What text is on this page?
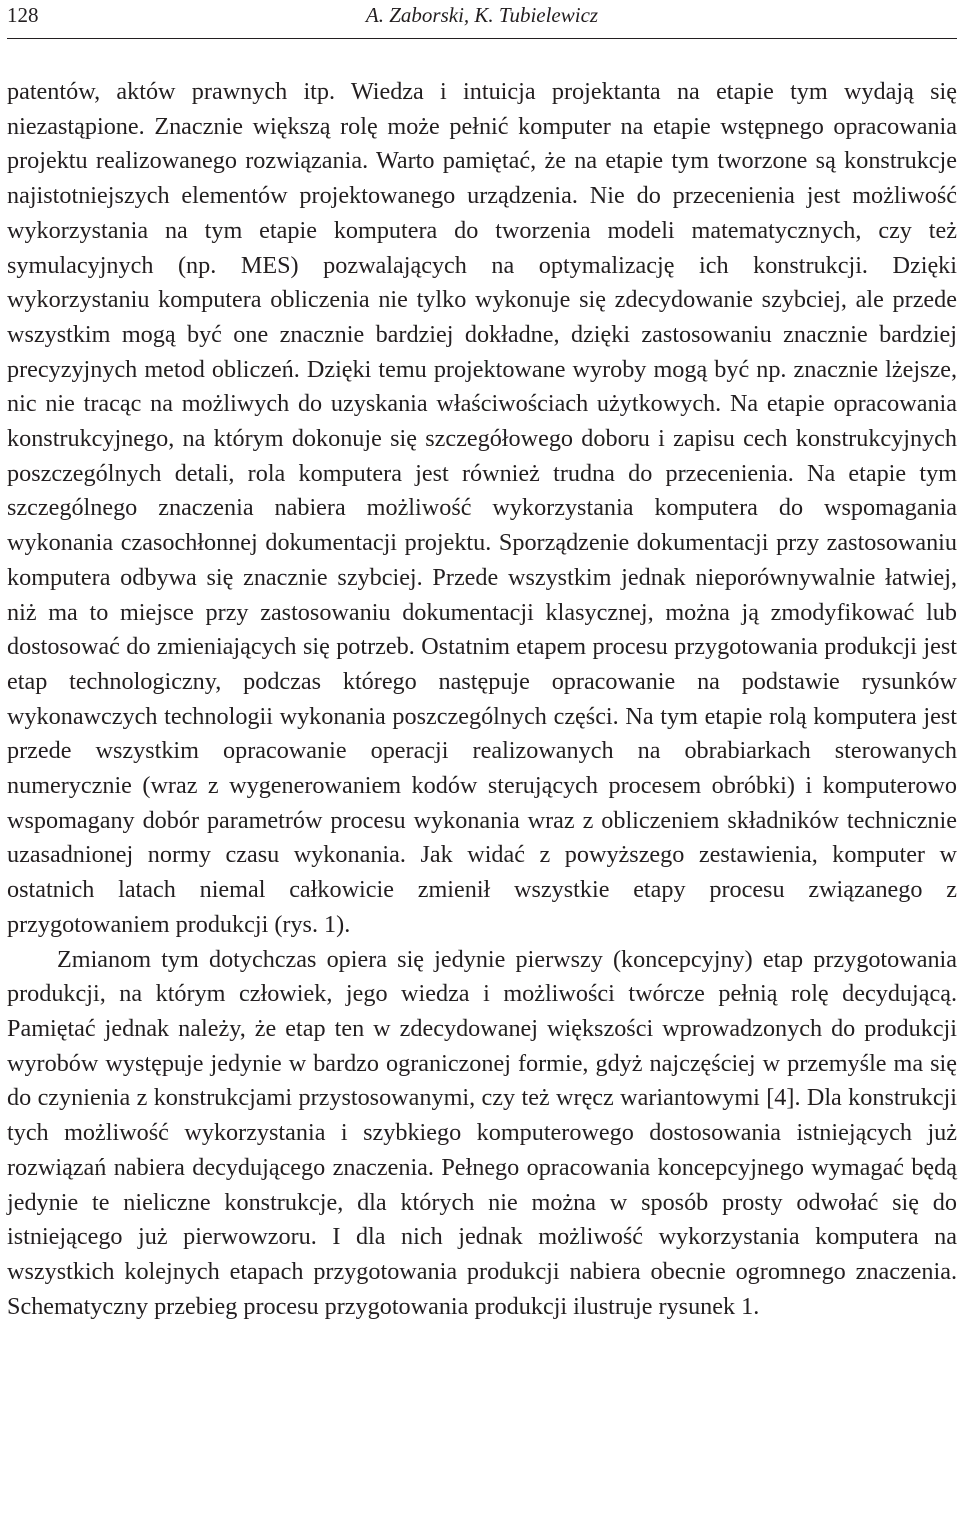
128	A. Zaborski, K. Tubielewicz

patentów, aktów prawnych itp. Wiedza i intuicja projektanta na etapie tym wydają się niezastąpione. Znacznie większą rolę może pełnić komputer na etapie wstępnego opracowania projektu realizowanego rozwiązania. Warto pamiętać, że na etapie tym tworzone są konstrukcje najistotniejszych elementów projektowanego urządzenia. Nie do przecenienia jest możliwość wykorzystania na tym etapie komputera do tworzenia modeli matematycznych, czy też symulacyjnych (np. MES) pozwalających na optymalizację ich konstrukcji. Dzięki wykorzystaniu komputera obliczenia nie tylko wykonuje się zdecydowanie szybciej, ale przede wszystkim mogą być one znacznie bardziej dokładne, dzięki zastosowaniu znacznie bardziej precyzyjnych metod obliczeń. Dzięki temu projektowane wyroby mogą być np. znacznie lżejsze, nic nie tracąc na możliwych do uzyskania właściwościach użytkowych. Na etapie opracowania konstrukcyjnego, na którym dokonuje się szczegółowego doboru i zapisu cech konstrukcyjnych poszczególnych detali, rola komputera jest również trudna do przecenienia. Na etapie tym szczególnego znaczenia nabiera możliwość wykorzystania komputera do wspomagania wykonania czasochłonnej dokumentacji projektu. Sporządzenie dokumentacji przy zastosowaniu komputera odbywa się znacznie szybciej. Przede wszystkim jednak nieporównywalnie łatwiej, niż ma to miejsce przy zastosowaniu dokumentacji klasycznej, można ją zmodyfikować lub dostosować do zmieniających się potrzeb. Ostatnim etapem procesu przygotowania produkcji jest etap technologiczny, podczas którego następuje opracowanie na podstawie rysunków wykonawczych technologii wykonania poszczególnych części. Na tym etapie rolą komputera jest przede wszystkim opracowanie operacji realizowanych na obrabiarkach sterowanych numerycznie (wraz z wygenerowaniem kodów sterujących procesem obróbki) i komputerowo wspomagany dobór parametrów procesu wykonania wraz z obliczeniem składników technicznie uzasadnionej normy czasu wykonania. Jak widać z powyższego zestawienia, komputer w ostatnich latach niemal całkowicie zmienił wszystkie etapy procesu związanego z przygotowaniem produkcji (rys. 1).

Zmianom tym dotychczas opiera się jedynie pierwszy (koncepcyjny) etap przygotowania produkcji, na którym człowiek, jego wiedza i możliwości twórcze pełnią rolę decydującą. Pamiętać jednak należy, że etap ten w zdecydowanej większości wprowadzonych do produkcji wyrobów występuje jedynie w bardzo ograniczonej formie, gdyż najczęściej w przemyśle ma się do czynienia z konstrukcjami przystosowanymi, czy też wręcz wariantowymi [4]. Dla konstrukcji tych możliwość wykorzystania i szybkiego komputerowego dostosowania istniejących już rozwiązań nabiera decydującego znaczenia. Pełnego opracowania koncepcyjnego wymagać będą jedynie te nieliczne konstrukcje, dla których nie można w sposób prosty odwołać się do istniejącego już pierwowzoru. I dla nich jednak możliwość wykorzystania komputera na wszystkich kolejnych etapach przygotowania produkcji nabiera obecnie ogromnego znaczenia. Schematyczny przebieg procesu przygotowania produkcji ilustruje rysunek 1.
